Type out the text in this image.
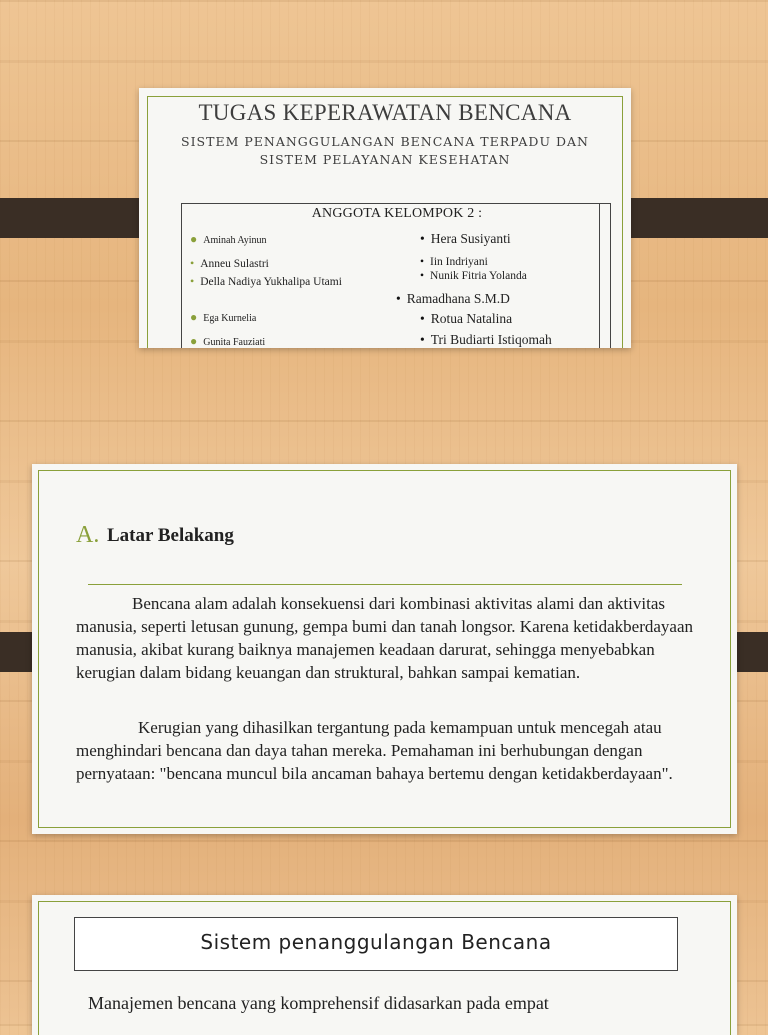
TUGAS KEPERAWATAN BENCANA
SISTEM PENANGGULANGAN BENCANA TERPADU DAN
SISTEM PELAYANAN KESEHATAN
ANGGOTA KELOMPOK 2 :
● Aminah Ayinun
• Anneu Sulastri
• Della Nadiya Yukhalipa Utami
● Ega Kurnelia
● Gunita Fauziati
• Hera Susiyanti
• Iin Indriyani
• Nunik Fitria Yolanda
• Ramadhana S.M.D
• Rotua Natalina
• Tri Budiarti Istiqomah
A. Latar Belakang
Bencana alam adalah konsekuensi dari kombinasi aktivitas alami dan aktivitas manusia, seperti letusan gunung, gempa bumi dan tanah longsor. Karena ketidakberdayaan manusia, akibat kurang baiknya manajemen keadaan darurat, sehingga menyebabkan kerugian dalam bidang keuangan dan struktural, bahkan sampai kematian.
Kerugian yang dihasilkan tergantung pada kemampuan untuk mencegah atau menghindari bencana dan daya tahan mereka. Pemahaman ini berhubungan dengan pernyataan: "bencana muncul bila ancaman bahaya bertemu dengan ketidakberdayaan".
Sistem penanggulangan Bencana
Manajemen bencana yang komprehensif didasarkan pada empat
